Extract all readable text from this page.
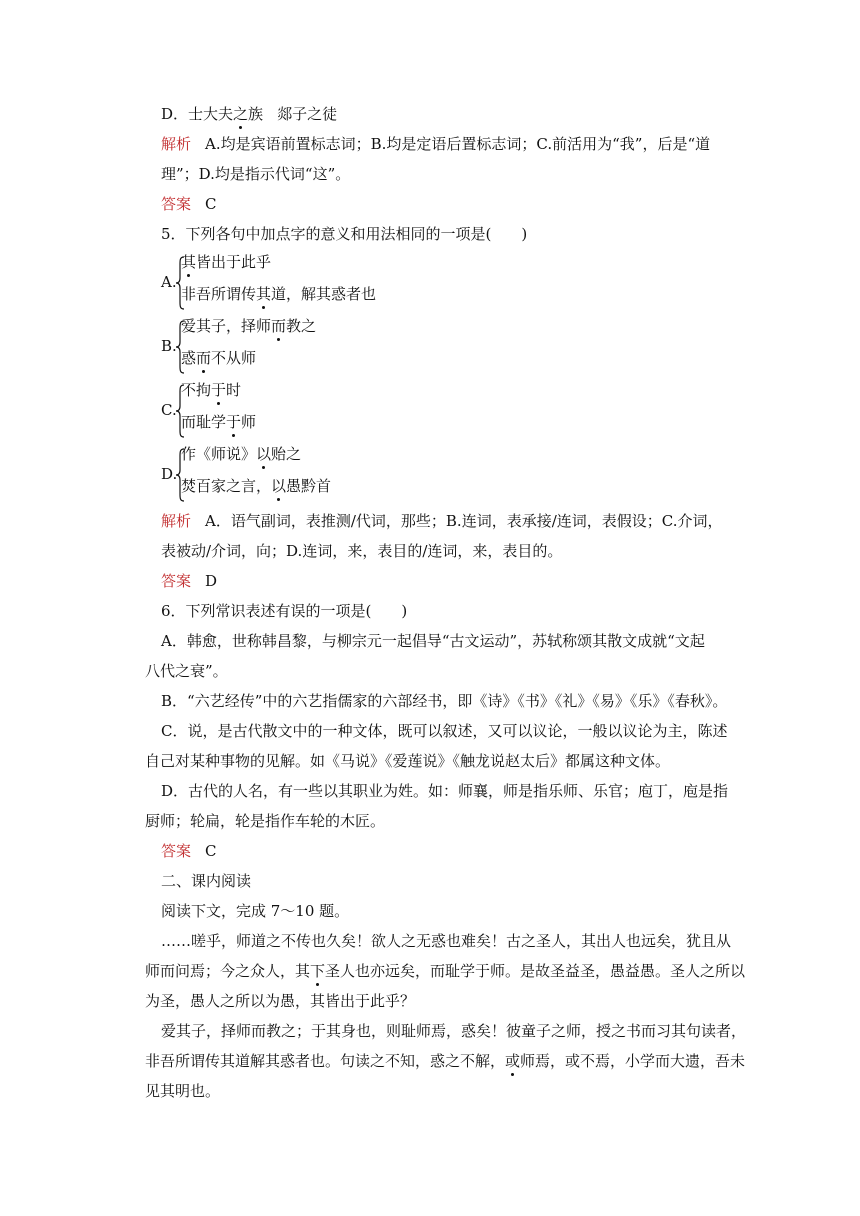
D．士大夫之族 郯子之徒
解析 A.均是宾语前置标志词；B.均是定语后置标志词；C.前活用为“我”，后是“道
理”；D.均是指示代词“这”。
答案 C
5．下列各句中加点字的意义和用法相同的一项是(　　)
A.
其皆出于此乎
非吾所谓传其道，解其惑者也
B.
爱其子，择师而教之
惑而不从师
C.
不拘于时
而耻学于师
D.
作《师说》以贻之
焚百家之言，以愚黔首
解析 A．语气副词，表推测/代词，那些；B.连词，表承接/连词，表假设；C.介词，
表被动/介词，向；D.连词，来，表目的/连词，来，表目的。
答案 D
6．下列常识表述有误的一项是(　　)
A．韩愈，世称韩昌黎，与柳宗元一起倡导“古文运动”，苏轼称颂其散文成就“文起
八代之衰”。
B．“六艺经传”中的六艺指儒家的六部经书，即《诗》《书》《礼》《易》《乐》《春秋》。
C．说，是古代散文中的一种文体，既可以叙述，又可以议论，一般以议论为主，陈述
自己对某种事物的见解。如《马说》《爱莲说》《触龙说赵太后》都属这种文体。
D．古代的人名，有一些以其职业为姓。如：师襄，师是指乐师、乐官；庖丁，庖是指
厨师；轮扁，轮是指作车轮的木匠。
答案 C
二、课内阅读
阅读下文，完成 7～10 题。
……嗟乎，师道之不传也久矣！欲人之无惑也难矣！古之圣人，其出人也远矣，犹且从
师而问焉；今之众人，其下圣人也亦远矣，而耻学于师。是故圣益圣，愚益愚。圣人之所以
为圣，愚人之所以为愚，其皆出于此乎？
爱其子，择师而教之；于其身也，则耻师焉，惑矣！彼童子之师，授之书而习其句读者，
非吾所谓传其道解其惑者也。句读之不知，惑之不解，或师焉，或不焉，小学而大遗，吾未
见其明也。
